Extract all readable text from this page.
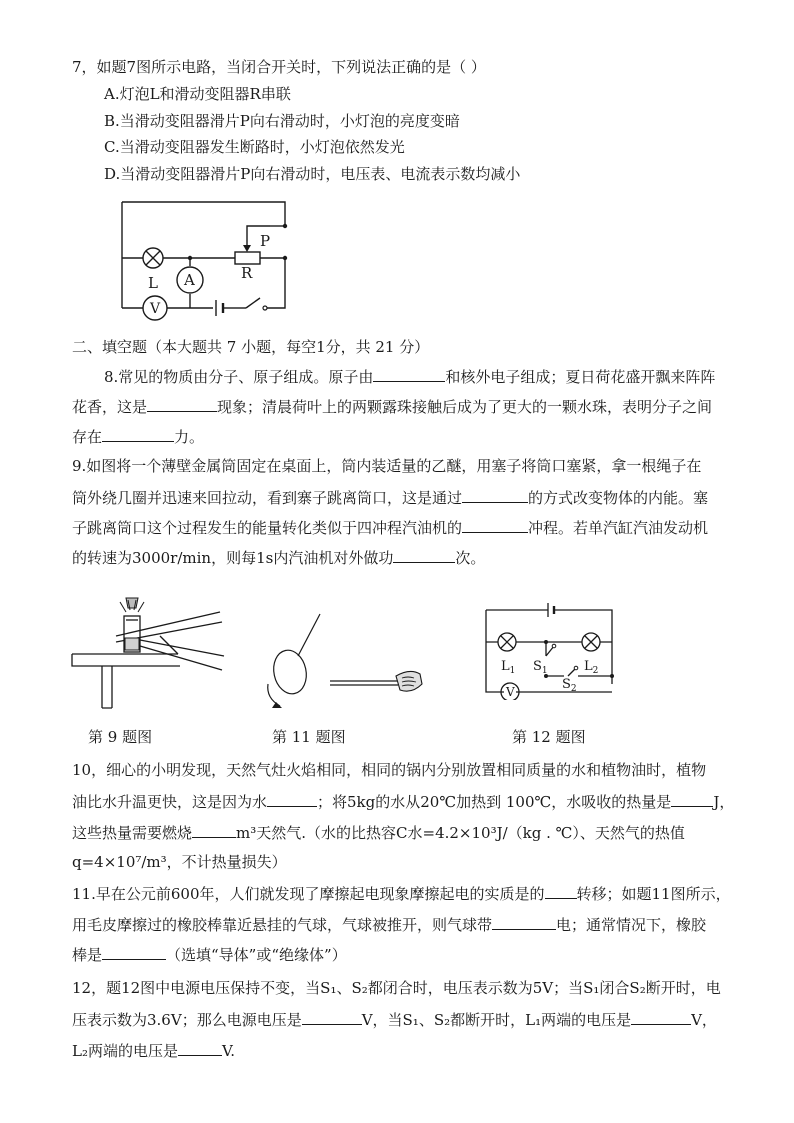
7，如题7图所示电路，当闭合开关时，下列说法正确的是（ ）
A.灯泡L和滑动变阻器R串联
B.当滑动变阻器滑片P向右滑动时，小灯泡的亮度变暗
C.当滑动变阻器发生断路时，小灯泡依然发光
D.当滑动变阻器滑片P向右滑动时，电压表、电流表示数均减小
P
R
L A
V
二、填空题（本大题共 7 小题，每空1分，共 21 分）
8.常见的物质由分子、原子组成。原子由	和核外电子组成；夏日荷花盛开飘来阵阵
花香，这是	现象；清晨荷叶上的两颗露珠接触后成为了更大的一颗水珠，表明分子之间
存在	力。
9.如图将一个薄壁金属筒固定在桌面上，筒内装适量的乙醚，用塞子将筒口塞紧，拿一根绳子在
筒外绕几圈并迅速来回拉动，看到寨子跳离筒口，这是通过	的方式改变物体的内能。塞
子跳离筒口这个过程发生的能量转化类似于四冲程汽油机的	冲程。若单汽缸汽油发动机
的转速为3000r/min，则每1s内汽油机对外做功	次。
$L_1$	$L_2$
$S_1$
$S_2$
V
第 9 题图	第 11 题图	第 12 题图
10，细心的小明发现，天然气灶火焰相同，相同的锅内分别放置相同质量的水和植物油时，植物
油比水升温更快，这是因为水	；将5kg的水从20℃加热到 100℃，水吸收的热量是	J，
这些热量需要燃烧	m³天然气.（水的比热容C水=4.2×10³J/（kg . ℃）、天然气的热值
q=4×10⁷/m³，不计热量损失）
11.早在公元前600年，人们就发现了摩擦起电现象摩擦起电的实质是的 转移；如题11图所示，
用毛皮摩擦过的橡胶棒靠近悬挂的气球，气球被推开，则气球带	电；通常情况下，橡胶
棒是	（选填“导体”或“绝缘体”）
12，题12图中电源电压保持不变，当S₁、S₂都闭合时，电压表示数为5V；当S₁闭合S₂断开时，电
压表示数为3.6V；那么电源电压是	V，当S₁、S₂都断开时，L₁两端的电压是	V，
L₂两端的电压是	V.
